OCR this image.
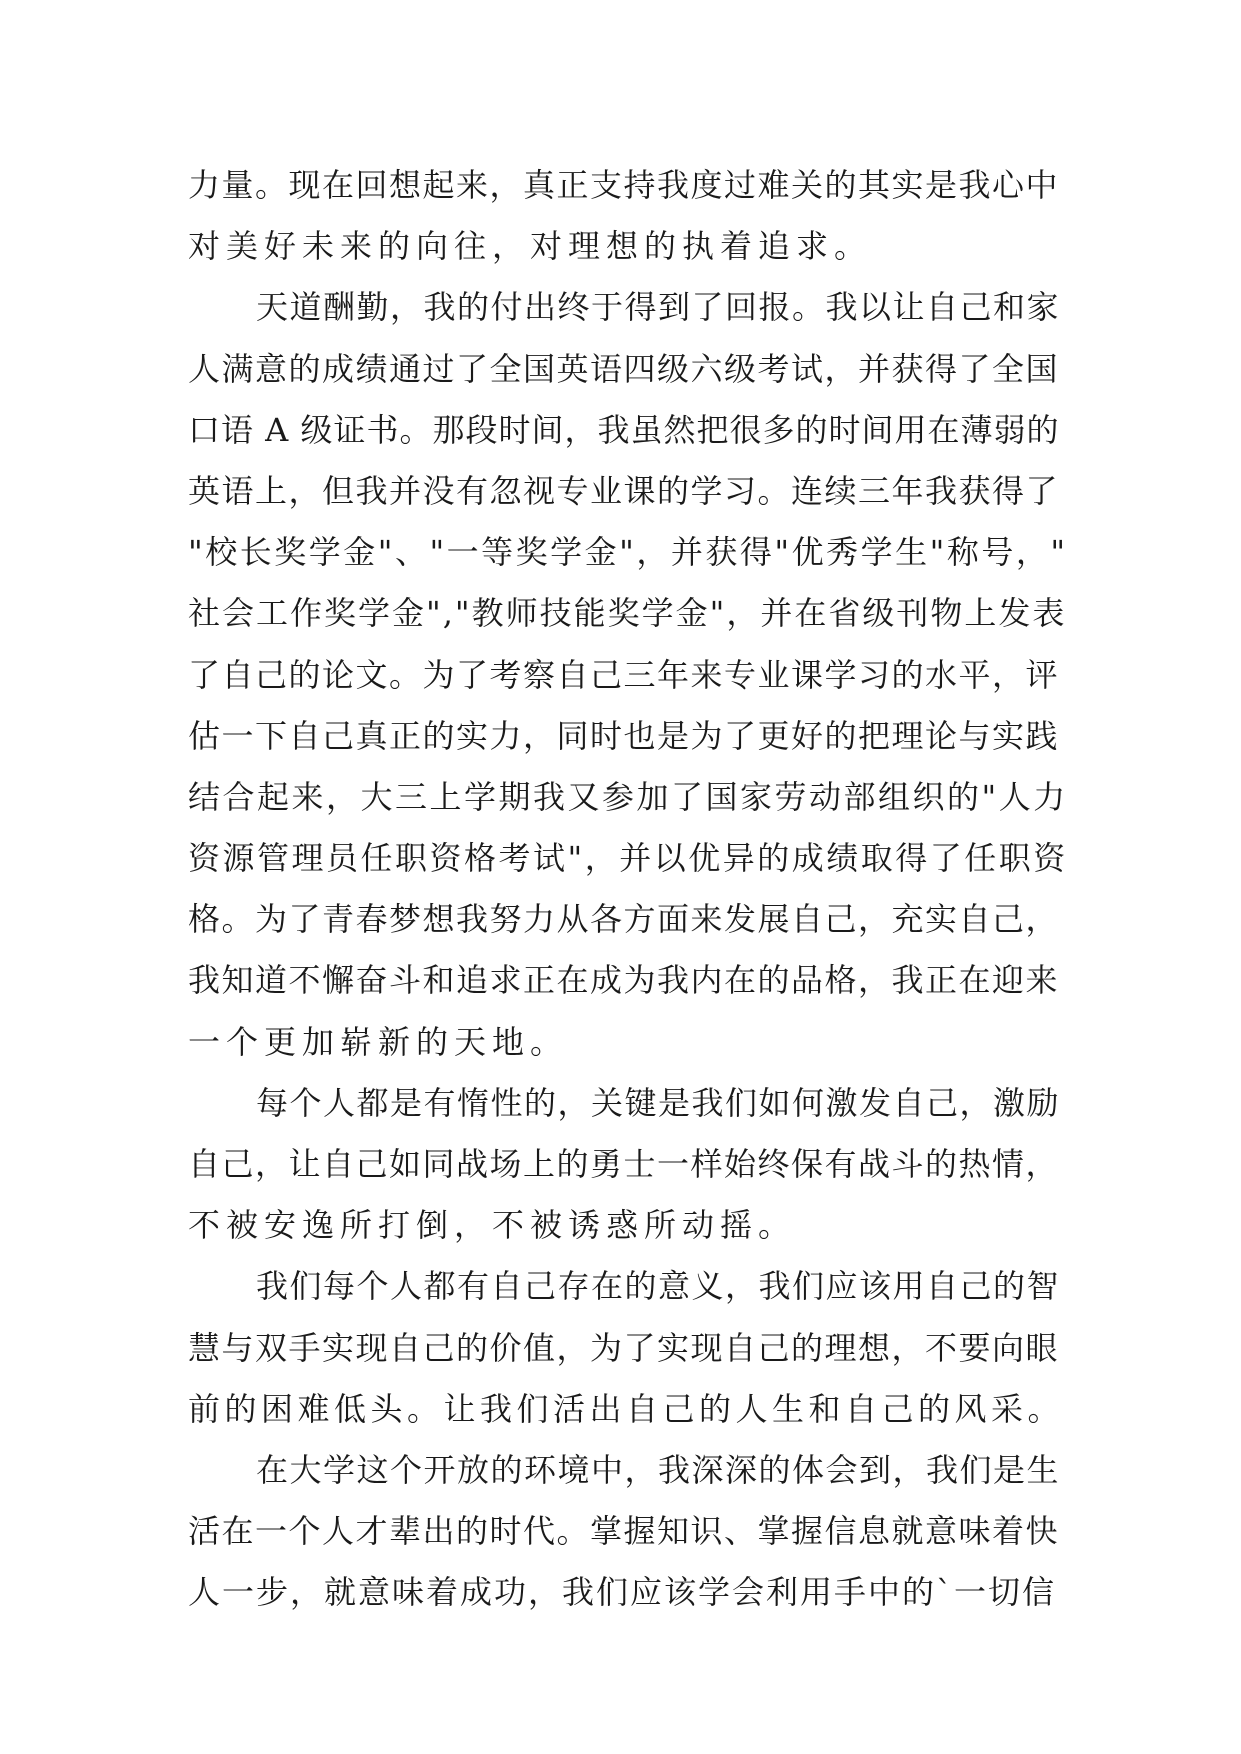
力量。现在回想起来，真正支持我度过难关的其实是我心中
对美好未来的向往，对理想的执着追求。
天道酬勤，我的付出终于得到了回报。我以让自己和家
人满意的成绩通过了全国英语四级六级考试，并获得了全国
口语 A 级证书。那段时间，我虽然把很多的时间用在薄弱的
英语上，但我并没有忽视专业课的学习。连续三年我获得了
"校长奖学金"、"一等奖学金"，并获得"优秀学生"称号，"
社会工作奖学金","教师技能奖学金"，并在省级刊物上发表
了自己的论文。为了考察自己三年来专业课学习的水平，评
估一下自己真正的实力，同时也是为了更好的把理论与实践
结合起来，大三上学期我又参加了国家劳动部组织的"人力
资源管理员任职资格考试"，并以优异的成绩取得了任职资
格。为了青春梦想我努力从各方面来发展自己，充实自己，
我知道不懈奋斗和追求正在成为我内在的品格，我正在迎来
一个更加崭新的天地。
每个人都是有惰性的，关键是我们如何激发自己，激励
自己，让自己如同战场上的勇士一样始终保有战斗的热情，
不被安逸所打倒，不被诱惑所动摇。
我们每个人都有自己存在的意义，我们应该用自己的智
慧与双手实现自己的价值，为了实现自己的理想，不要向眼
前的困难低头。让我们活出自己的人生和自己的风采。
在大学这个开放的环境中，我深深的体会到，我们是生
活在一个人才辈出的时代。掌握知识、掌握信息就意味着快
人一步，就意味着成功，我们应该学会利用手中的`一切信
